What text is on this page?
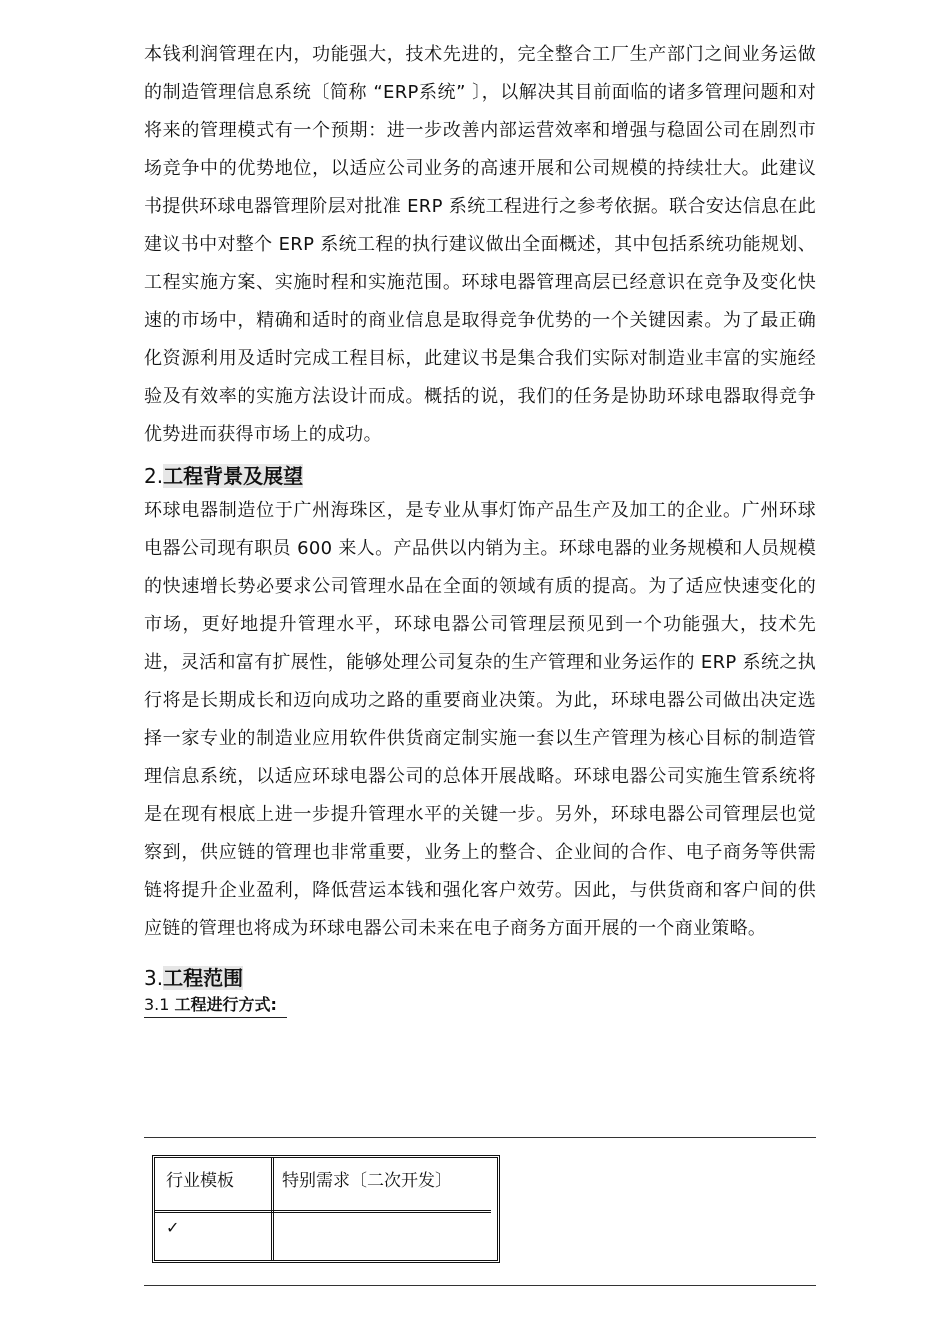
本钱利润管理在内，功能强大，技术先进的，完全整合工厂生产部门之间业务运做的制造管理信息系统〔简称 “ERP系统” 〕，以解决其目前面临的诸多管理问题和对将来的管理模式有一个预期：进一步改善内部运营效率和增强与稳固公司在剧烈市场竞争中的优势地位，以适应公司业务的高速开展和公司规模的持续壮大。此建议书提供环球电器管理阶层对批准 ERP 系统工程进行之参考依据。联合安达信息在此建议书中对整个 ERP 系统工程的执行建议做出全面概述，其中包括系统功能规划、工程实施方案、实施时程和实施范围。环球电器管理高层已经意识在竞争及变化快速的市场中，精确和适时的商业信息是取得竞争优势的一个关键因素。为了最正确化资源利用及适时完成工程目标，此建议书是集合我们实际对制造业丰富的实施经验及有效率的实施方法设计而成。概括的说，我们的任务是协助环球电器取得竞争优势进而获得市场上的成功。

2.工程背景及展望

环球电器制造位于广州海珠区，是专业从事灯饰产品生产及加工的企业。广州环球电器公司现有职员 600 来人。产品供以内销为主。环球电器的业务规模和人员规模的快速增长势必要求公司管理水品在全面的领域有质的提高。为了适应快速变化的市场，更好地提升管理水平，环球电器公司管理层预见到一个功能强大，技术先进，灵活和富有扩展性，能够处理公司复杂的生产管理和业务运作的 ERP 系统之执行将是长期成长和迈向成功之路的重要商业决策。为此，环球电器公司做出决定选择一家专业的制造业应用软件供货商定制实施一套以生产管理为核心目标的制造管理信息系统，以适应环球电器公司的总体开展战略。环球电器公司实施生管系统将是在现有根底上进一步提升管理水平的关键一步。另外，环球电器公司管理层也觉察到，供应链的管理也非常重要，业务上的整合、企业间的合作、电子商务等供需链将提升企业盈利，降低营运本钱和强化客户效劳。因此，与供货商和客户间的供应链的管理也将成为环球电器公司未来在电子商务方面开展的一个商业策略。

3.工程范围
3.1 工程进行方式:
行业模板	特别需求〔二次开发〕
✓
